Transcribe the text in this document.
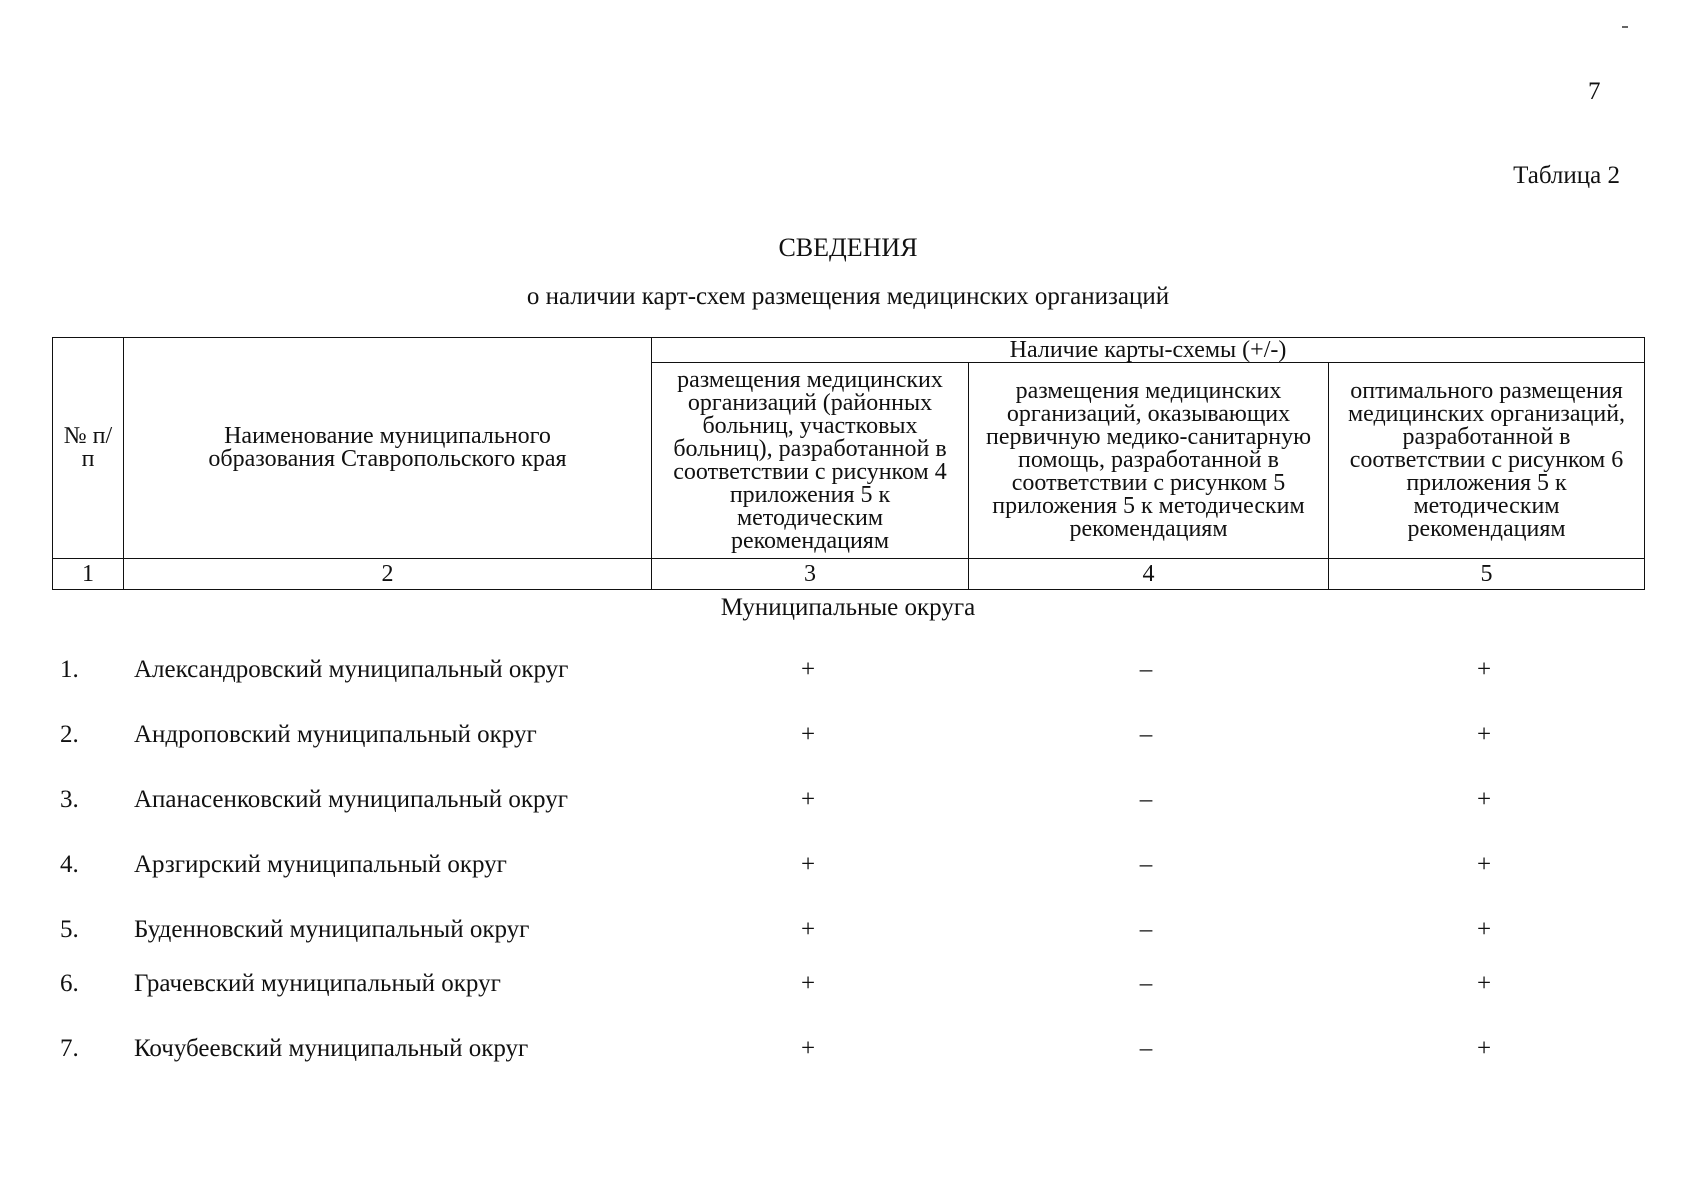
7
Таблица 2
СВЕДЕНИЯ
о наличии карт-схем размещения медицинских организаций
№ п/п	Наименование муниципального образования Ставропольского края	Наличие карты-схемы (+/-)		
		размещения медицинских организаций (районных больниц, участковых больниц), разработанной в соответствии с рисунком 4 приложения 5 к методическим рекомендациям	размещения медицинских организаций, оказывающих первичную медико-санитарную помощь, разработанной в соответствии с рисунком 5 приложения 5 к методическим рекомендациям	оптимального размещения медицинских организаций, разработанной в соответствии с рисунком 6 приложения 5 к методическим рекомендациям
1	2	3	4	5
Муниципальные округа
1. Александровский муниципальный округ	+	–	+
2. Андроповский муниципальный округ	+	–	+
3. Апанасенковский муниципальный округ	+	–	+
4. Арзгирский муниципальный округ	+	–	+
5. Буденновский муниципальный округ	+	–	+
6. Грачевский муниципальный округ	+	–	+
7. Кочубеевский муниципальный округ	+	–	+
